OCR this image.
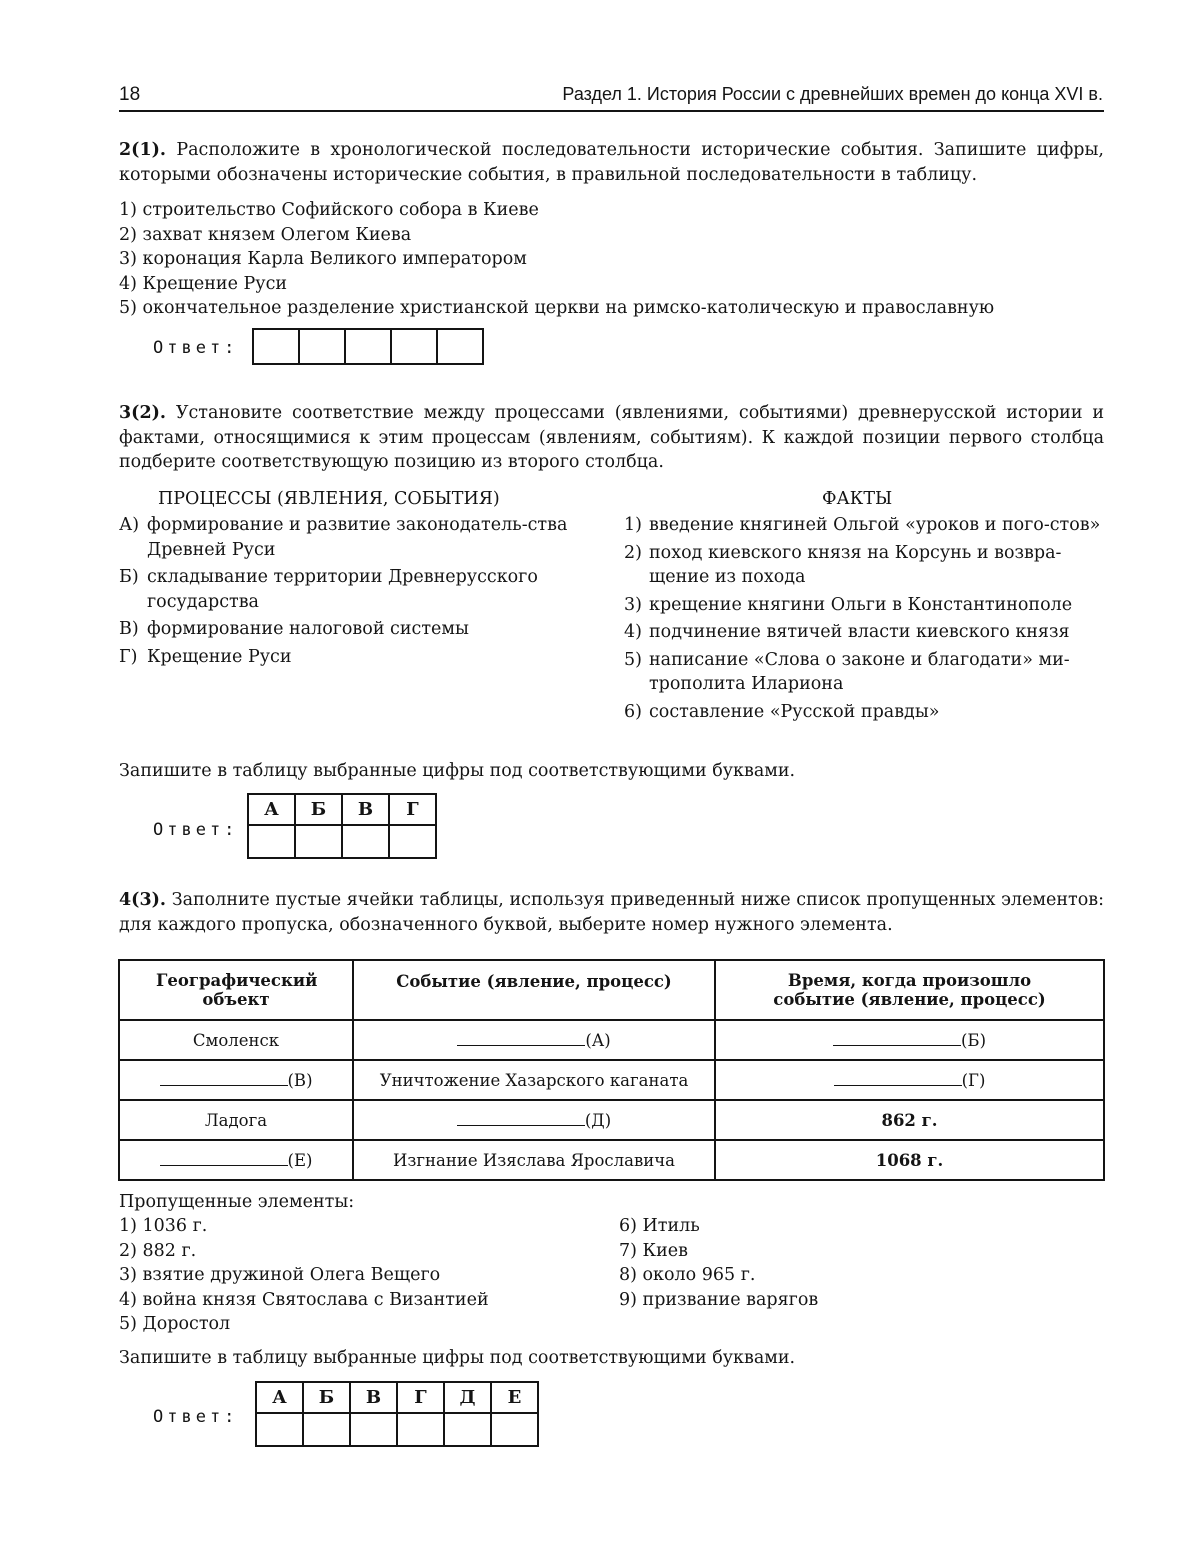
18	Раздел 1. История России с древнейших времен до конца XVI в.
2(1). Расположите в хронологической последовательности исторические события. Запишите цифры, которыми обозначены исторические события, в правильной последовательности в таблицу.
1) строительство Софийского собора в Киеве
2) захват князем Олегом Киева
3) коронация Карла Великого императором
4) Крещение Руси
5) окончательное разделение христианской церкви на римско-католическую и православную
Ответ:

3(2). Установите соответствие между процессами (явлениями, событиями) древнерусской истории и фактами, относящимися к этим процессам (явлениям, событиям). К каждой позиции первого столбца подберите соответствующую позицию из второго столбца.
ПРОЦЕССЫ (ЯВЛЕНИЯ, СОБЫТИЯ)	ФАКТЫ
А) формирование и развитие законодатель-ства Древней Руси
Б) складывание территории Древнерусского государства
В) формирование налоговой системы
Г) Крещение Руси
1) введение княгиней Ольгой «уроков и пого-стов»
2) поход киевского князя на Корсунь и возвра-щение из похода
3) крещение княгини Ольги в Константинополе
4) подчинение вятичей власти киевского князя
5) написание «Слова о законе и благодати» ми-трополита Илариона
6) составление «Русской правды»
Запишите в таблицу выбранные цифры под соответствующими буквами.
Ответ:
А	Б	В	Г

4(3). Заполните пустые ячейки таблицы, используя приведенный ниже список пропущенных элементов: для каждого пропуска, обозначенного буквой, выберите номер нужного элемента.
Географический объект	Событие (явление, процесс)	Время, когда произошло событие (явление, процесс)

Смоленск	(А)	(Б)
(В)	Уничтожение Хазарского каганата	(Г)
Ладога	(Д)	862 г.
(Е)	Изгнание Изяслава Ярославича	1068 г.
Пропущенные элементы:
1) 1036 г.
2) 882 г.
3) взятие дружиной Олега Вещего
4) война князя Святослава с Византией
5) Доростол
6) Итиль
7) Киев
8) около 965 г.
9) призвание варягов
Запишите в таблицу выбранные цифры под соответствующими буквами.
Ответ:
А	Б	В	Г	Д	Е
